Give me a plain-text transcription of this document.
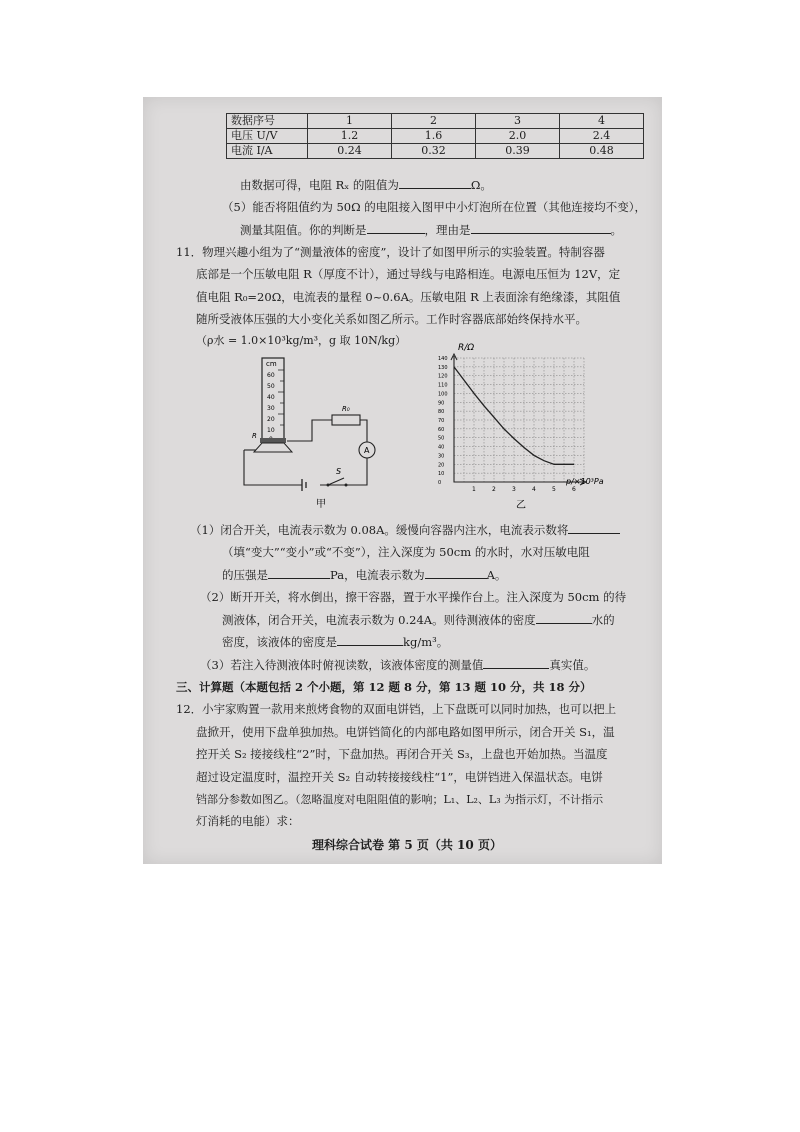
数据序号	1	2	3	4
电压 U/V	1.2	1.6	2.0	2.4
电流 I/A	0.24	0.32	0.39	0.48
由数据可得，电阻 Rₓ 的阻值为	Ω。
（5）能否将阻值约为 50Ω 的电阻接入图甲中小灯泡所在位置（其他连接均不变），
测量其阻值。你的判断是	，理由是	。
11．物理兴趣小组为了“测量液体的密度”，设计了如图甲所示的实验装置。特制容器
底部是一个压敏电阻 R（厚度不计），通过导线与电路相连。电源电压恒为 12V，定
值电阻 R₀=20Ω，电流表的量程 0~0.6A。压敏电阻 R 上表面涂有绝缘漆，其阻值
随所受液体压强的大小变化关系如图乙所示。工作时容器底部始终保持水平。
（ρ水 = 1.0×10³kg/m³，g 取 10N/kg）
cm
60
50
40
30
20
10
R
R₀
A
S
甲
R/Ω
p/×10³Pa
140
130
120
110
100
90
80
70
60
50
40
30
20
10
0
1	2	3	4	5	6
乙
（1）闭合开关，电流表示数为 0.08A。缓慢向容器内注水，电流表示数将
（填“变大”“变小”或“不变”），注入深度为 50cm 的水时，水对压敏电阻
的压强是	Pa，电流表示数为	A。
（2）断开开关，将水倒出，擦干容器，置于水平操作台上。注入深度为 50cm 的待
测液体，闭合开关，电流表示数为 0.24A。则待测液体的密度	水的
密度，该液体的密度是	kg/m³。
（3）若注入待测液体时俯视读数，该液体密度的测量值	真实值。
三、计算题（本题包括 2 个小题，第 12 题 8 分，第 13 题 10 分，共 18 分）
12．小宇家购置一款用来煎烤食物的双面电饼铛，上下盘既可以同时加热，也可以把上
盘掀开，使用下盘单独加热。电饼铛简化的内部电路如图甲所示，闭合开关 S₁，温
控开关 S₂ 接接线柱“2”时，下盘加热。再闭合开关 S₃，上盘也开始加热。当温度
超过设定温度时，温控开关 S₂ 自动转接接线柱“1”，电饼铛进入保温状态。电饼
铛部分参数如图乙。（忽略温度对电阻阻值的影响；L₁、L₂、L₃ 为指示灯，不计指示
灯消耗的电能）求：
理科综合试卷 第 5 页（共 10 页）
